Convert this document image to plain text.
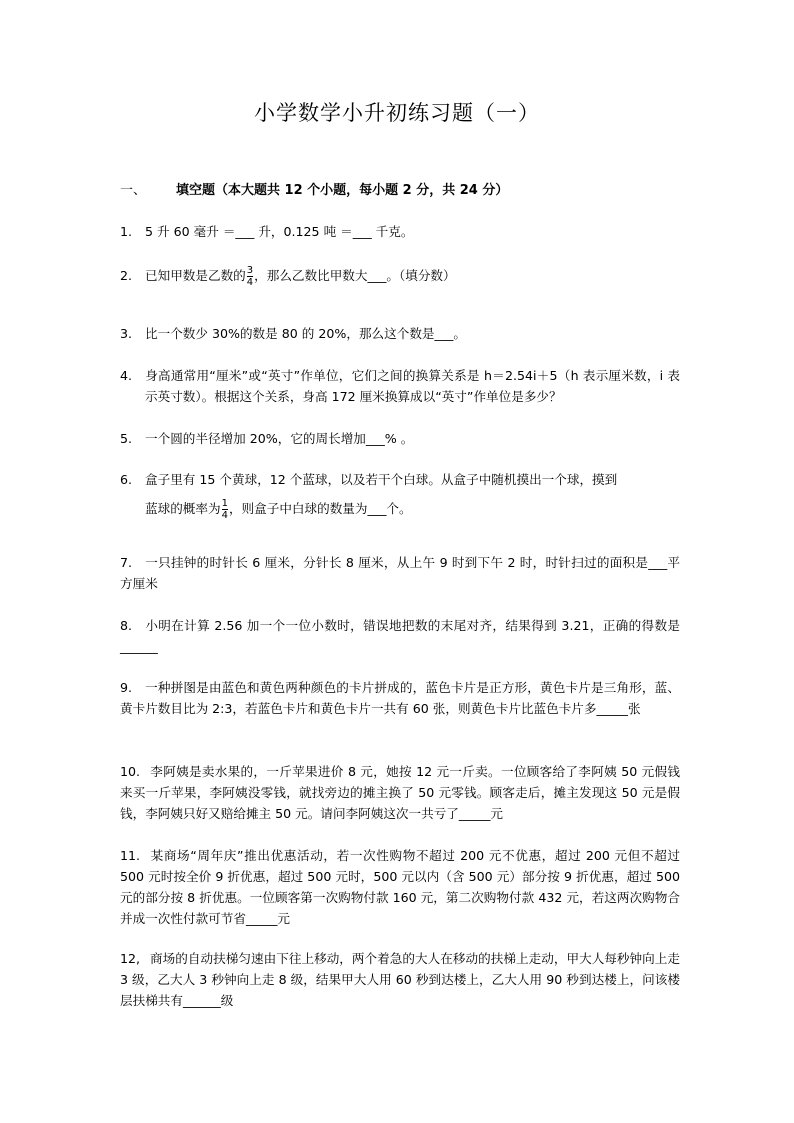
小学数学小升初练习题（一）
一、 填空题（本大题共 12 个小题，每小题 2 分，共 24 分）
1. 5 升 60 毫升 ＝___ 升，0.125 吨 ＝___ 千克。
2. 已知甲数是乙数的 $\frac{3}{4}$ ，那么乙数比甲数大___。（填分数）
3. 比一个数少 30%的数是 80 的 20%，那么这个数是___。
4. 身高通常用“厘米”或“英寸”作单位，它们之间的换算关系是 h＝2.54i＋5（h 表示厘米数，i 表示英寸数）。根据这个关系，身高 172 厘米换算成以“英寸”作单位是多少？
5. 一个圆的半径增加 20%，它的周长增加___% 。
6. 盒子里有 15 个黄球，12 个蓝球，以及若干个白球。从盒子中随机摸出一个球，摸到
蓝球的概率为 $\frac{1}{4}$ ，则盒子中白球的数量为___个。
7. 一只挂钟的时针长 6 厘米，分针长 8 厘米，从上午 9 时到下午 2 时，时针扫过的面积是___平方厘米
8. 小明在计算 2.56 加一个一位小数时，错误地把数的末尾对齐，结果得到 3.21，正确的得数是______
9. 一种拼图是由蓝色和黄色两种颜色的卡片拼成的，蓝色卡片是正方形，黄色卡片是三角形，蓝、黄卡片数目比为 2:3，若蓝色卡片和黄色卡片一共有 60 张，则黄色卡片比蓝色卡片多_____张
10. 李阿姨是卖水果的，一斤苹果进价 8 元，她按 12 元一斤卖。一位顾客给了李阿姨 50 元假钱来买一斤苹果，李阿姨没零钱，就找旁边的摊主换了 50 元零钱。顾客走后，摊主发现这 50 元是假钱，李阿姨只好又赔给摊主 50 元。请问李阿姨这次一共亏了_____元
11. 某商场“周年庆”推出优惠活动，若一次性购物不超过 200 元不优惠，超过 200 元但不超过 500 元时按全价 9 折优惠，超过 500 元时，500 元以内（含 500 元）部分按 9 折优惠，超过 500 元的部分按 8 折优惠。一位顾客第一次购物付款 160 元，第二次购物付款 432 元，若这两次购物合并成一次性付款可节省_____元
12, 商场的自动扶梯匀速由下往上移动，两个着急的大人在移动的扶梯上走动，甲大人每秒钟向上走 3 级，乙大人 3 秒钟向上走 8 级，结果甲大人用 60 秒到达楼上，乙大人用 90 秒到达楼上，问该楼层扶梯共有______级
